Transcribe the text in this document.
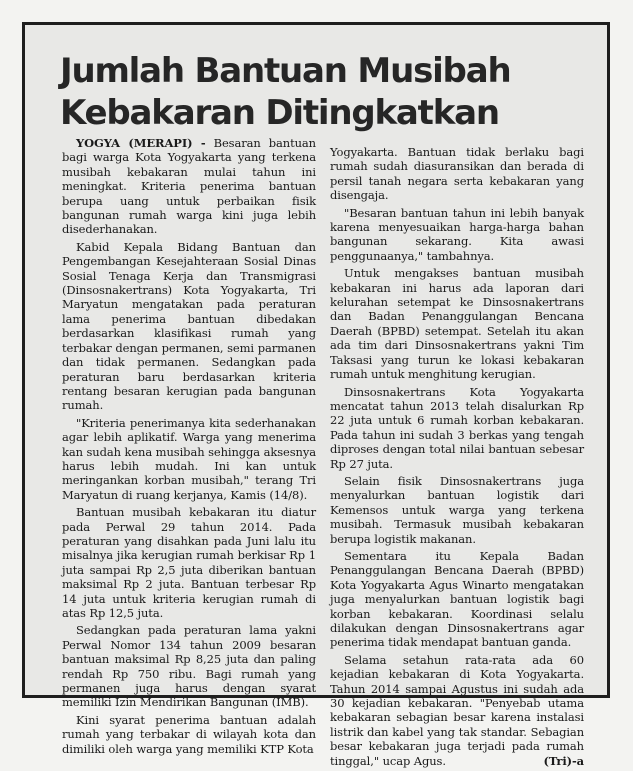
Jumlah Bantuan Musibah
Kebakaran Ditingkatkan

YOGYA (MERAPI) - Besaran bantuan bagi warga Kota Yogyakarta yang terkena musibah kebakaran mulai tahun ini meningkat. Kriteria penerima bantuan berupa uang untuk perbaikan fisik bangunan rumah warga kini juga lebih disederhanakan.

Kabid Kepala Bidang Bantuan dan Pengembangan Kesejahteraan Sosial Dinas Sosial Tenaga Kerja dan Transmigrasi (Dinsosnakertrans) Kota Yogyakarta, Tri Maryatun mengatakan pada peraturan lama penerima bantuan dibedakan berdasarkan klasifikasi rumah yang terbakar dengan permanen, semi parmanen dan tidak permanen. Sedangkan pada peraturan baru berdasarkan kriteria rentang besaran kerugian pada bangunan rumah.

"Kriteria penerimanya kita sederhanakan agar lebih aplikatif. Warga yang menerima kan sudah kena musibah sehingga aksesnya harus lebih mudah. Ini kan untuk meringankan korban musibah," terang Tri Maryatun di ruang kerjanya, Kamis (14/8).

Bantuan musibah kebakaran itu diatur pada Perwal 29 tahun 2014. Pada peraturan yang disahkan pada Juni lalu itu misalnya jika kerugian rumah berkisar Rp 1 juta sampai Rp 2,5 juta diberikan bantuan maksimal Rp 2 juta. Bantuan terbesar Rp 14 juta untuk kriteria kerugian rumah di atas Rp 12,5 juta.

Sedangkan pada peraturan lama yakni Perwal Nomor 134 tahun 2009 besaran bantuan maksimal Rp 8,25 juta dan paling rendah Rp 750 ribu. Bagi rumah yang permanen juga harus dengan syarat memiliki Izin Mendirikan Bangunan (IMB).

Kini syarat penerima bantuan adalah rumah yang terbakar di wilayah kota dan dimiliki oleh warga yang memiliki KTP Kota

Yogyakarta. Bantuan tidak berlaku bagi rumah sudah diasuransikan dan berada di persil tanah negara serta kebakaran yang disengaja.

"Besaran bantuan tahun ini lebih banyak karena menyesuaikan harga-harga bahan bangunan sekarang. Kita awasi penggunaanya," tambahnya.

Untuk mengakses bantuan musibah kebakaran ini harus ada laporan dari kelurahan setempat ke Dinsosnakertrans dan Badan Penanggulangan Bencana Daerah (BPBD) setempat. Setelah itu akan ada tim dari Dinsosnakertrans yakni Tim Taksasi yang turun ke lokasi kebakaran rumah untuk menghitung kerugian.

Dinsosnakertrans Kota Yogyakarta mencatat tahun 2013 telah disalurkan Rp 22 juta untuk 6 rumah korban kebakaran. Pada tahun ini sudah 3 berkas yang tengah diproses dengan total nilai bantuan sebesar Rp 27 juta.

Selain fisik Dinsosnakertrans juga menyalurkan bantuan logistik dari Kemensos untuk warga yang terkena musibah. Termasuk musibah kebakaran berupa logistik makanan.

Sementara itu Kepala Badan Penanggulangan Bencana Daerah (BPBD) Kota Yogyakarta Agus Winarto mengatakan juga menyalurkan bantuan logistik bagi korban kebakaran. Koordinasi selalu dilakukan dengan Dinsosnakertrans agar penerima tidak mendapat bantuan ganda.

Selama setahun rata-rata ada 60 kejadian kebakaran di Kota Yogyakarta. Tahun 2014 sampai Agustus ini sudah ada 30 kejadian kebakaran. "Penyebab utama kebakaran sebagian besar karena instalasi listrik dan kabel yang tak standar. Sebagian besar kebakaran juga terjadi pada rumah tinggal," ucap Agus.	(Tri)-a
